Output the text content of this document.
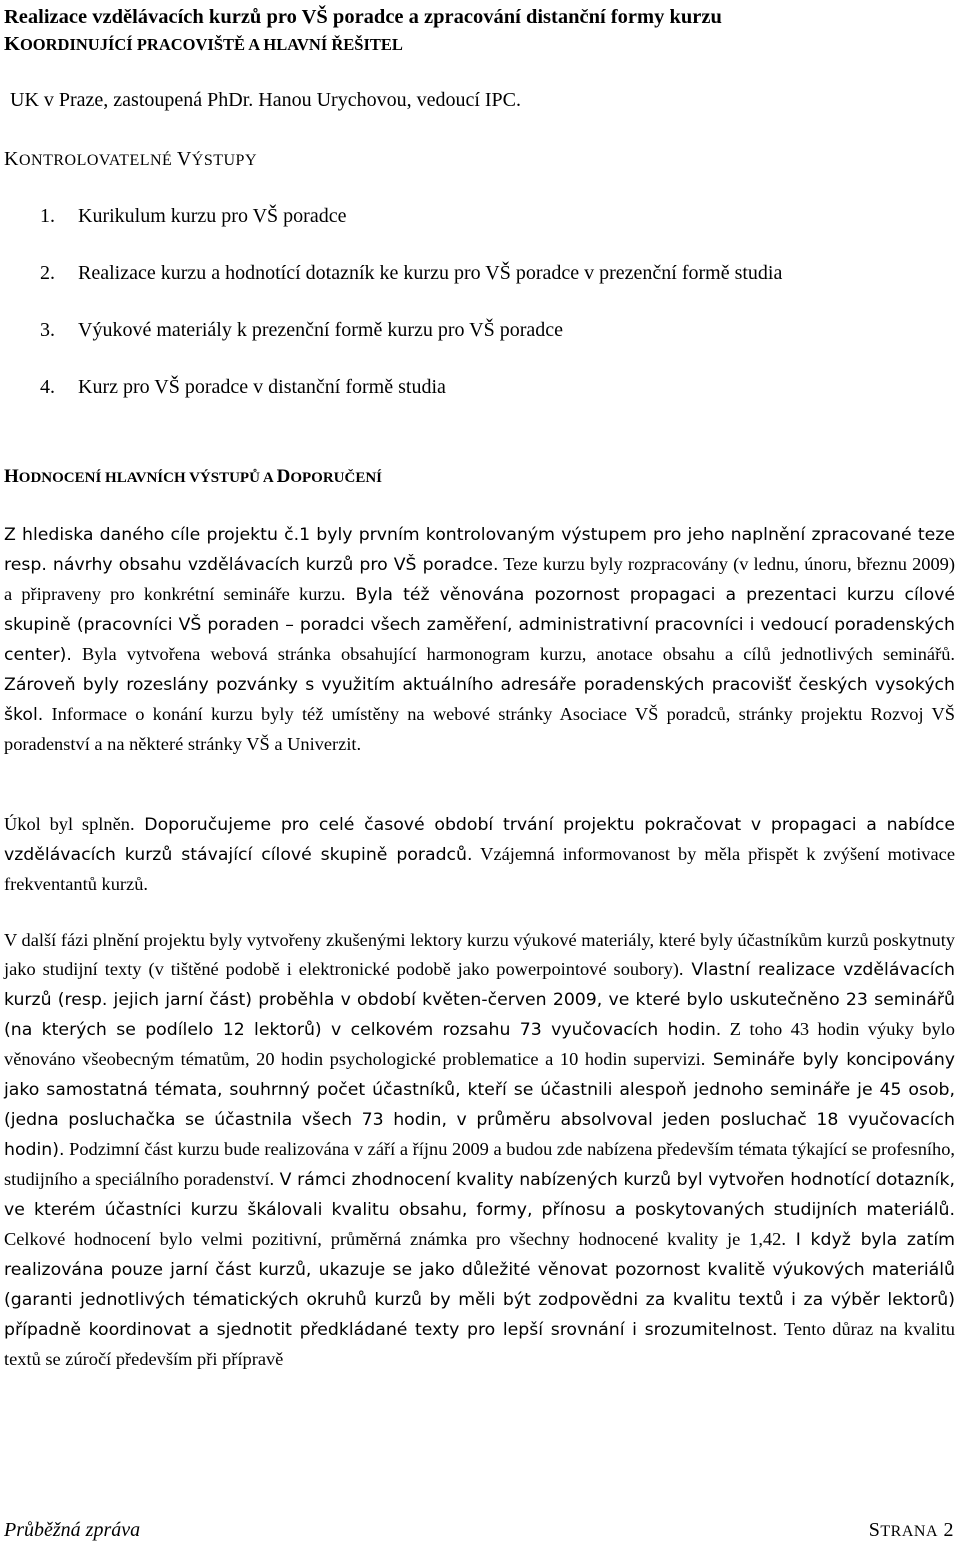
Realizace vzdělávacích kurzů pro VŠ poradce a zpracování distanční formy kurzu
KOORDINUJÍCÍ PRACOVIŠTĚ A HLAVNÍ ŘEŠITEL
UK v Praze, zastoupená PhDr. Hanou Urychovou, vedoucí IPC.
KONTROLOVATELNÉ VÝSTUPY
1. Kurikulum kurzu pro VŠ poradce
2. Realizace kurzu a hodnotící dotazník ke kurzu pro VŠ poradce v prezenční formě studia
3. Výukové materiály k prezenční formě kurzu pro VŠ poradce
4. Kurz pro VŠ poradce v distanční formě studia
HODNOCENÍ HLAVNÍCH VÝSTUPŮ A DOPORUČENÍ

Z hlediska daného cíle projektu č.1 byly prvním kontrolovaným výstupem pro jeho naplnění zpracované teze resp. návrhy obsahu vzdělávacích kurzů pro VŠ poradce. Teze kurzu byly rozpracovány (v lednu, únoru, březnu 2009) a připraveny pro konkrétní semináře kurzu. Byla též věnována pozornost propagaci a prezentaci kurzu cílové skupině (pracovníci VŠ poraden – poradci všech zaměření, administrativní pracovníci i vedoucí poradenských center). Byla vytvořena webová stránka obsahující harmonogram kurzu, anotace obsahu a cílů jednotlivých seminářů. Zároveň byly rozeslány pozvánky s využitím aktuálního adresáře poradenských pracovišť českých vysokých škol. Informace o konání kurzu byly též umístěny na webové stránky Asociace VŠ poradců, stránky projektu Rozvoj VŠ poradenství a na některé stránky VŠ a Univerzit.

Úkol byl splněn. Doporučujeme pro celé časové období trvání projektu pokračovat v propagaci a nabídce vzdělávacích kurzů stávající cílové skupině poradců. Vzájemná informovanost by měla přispět k zvýšení motivace frekventantů kurzů.

V další fázi plnění projektu byly vytvořeny zkušenými lektory kurzu výukové materiály, které byly účastníkům kurzů poskytnuty jako studijní texty (v tištěné podobě i elektronické podobě jako powerpointové soubory). Vlastní realizace vzdělávacích kurzů (resp. jejich jarní část) proběhla v období květen-červen 2009, ve které bylo uskutečněno 23 seminářů (na kterých se podílelo 12 lektorů) v celkovém rozsahu 73 vyučovacích hodin. Z toho 43 hodin výuky bylo věnováno všeobecným tématům, 20 hodin psychologické problematice a 10 hodin supervizi. Semináře byly koncipovány jako samostatná témata, souhrnný počet účastníků, kteří se účastnili alespoň jednoho semináře je 45 osob, (jedna posluchačka se účastnila všech 73 hodin, v průměru absolvoval jeden posluchač 18 vyučovacích hodin). Podzimní část kurzu bude realizována v září a říjnu 2009 a budou zde nabízena především témata týkající se profesního, studijního a speciálního poradenství. V rámci zhodnocení kvality nabízených kurzů byl vytvořen hodnotící dotazník, ve kterém účastníci kurzu škálovali kvalitu obsahu, formy, přínosu a poskytovaných studijních materiálů. Celkové hodnocení bylo velmi pozitivní, průměrná známka pro všechny hodnocené kvality je 1,42. I když byla zatím realizována pouze jarní část kurzů, ukazuje se jako důležité věnovat pozornost kvalitě výukových materiálů (garanti jednotlivých tématických okruhů kurzů by měli být zodpovědni za kvalitu textů i za výběr lektorů) případně koordinovat a sjednotit předkládané texty pro lepší srovnání i srozumitelnost. Tento důraz na kvalitu textů se zúročí především při přípravě

Průběžná zpráva	STRANA 2
